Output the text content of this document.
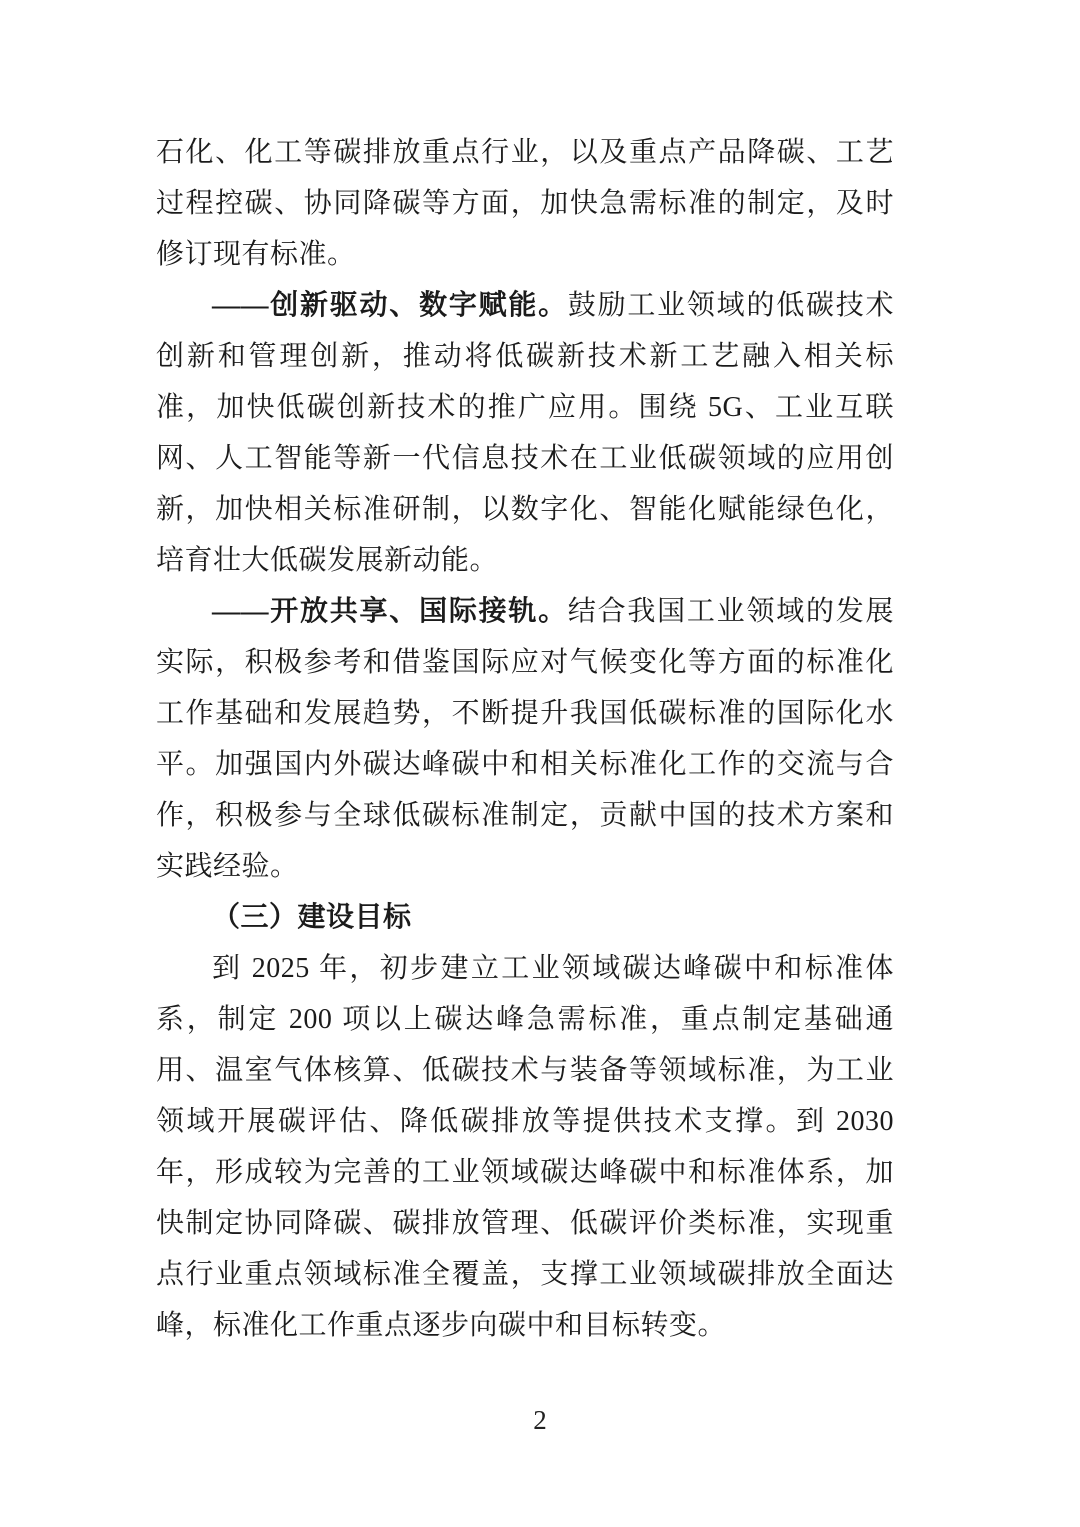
石化、化工等碳排放重点行业，以及重点产品降碳、工艺过程控碳、协同降碳等方面，加快急需标准的制定，及时修订现有标准。

——创新驱动、数字赋能。鼓励工业领域的低碳技术创新和管理创新，推动将低碳新技术新工艺融入相关标准，加快低碳创新技术的推广应用。围绕 5G、工业互联网、人工智能等新一代信息技术在工业低碳领域的应用创新，加快相关标准研制，以数字化、智能化赋能绿色化，培育壮大低碳发展新动能。

——开放共享、国际接轨。结合我国工业领域的发展实际，积极参考和借鉴国际应对气候变化等方面的标准化工作基础和发展趋势，不断提升我国低碳标准的国际化水平。加强国内外碳达峰碳中和相关标准化工作的交流与合作，积极参与全球低碳标准制定，贡献中国的技术方案和实践经验。

（三）建设目标

到 2025 年，初步建立工业领域碳达峰碳中和标准体系，制定 200 项以上碳达峰急需标准，重点制定基础通用、温室气体核算、低碳技术与装备等领域标准，为工业领域开展碳评估、降低碳排放等提供技术支撑。到 2030 年，形成较为完善的工业领域碳达峰碳中和标准体系，加快制定协同降碳、碳排放管理、低碳评价类标准，实现重点行业重点领域标准全覆盖，支撑工业领域碳排放全面达峰，标准化工作重点逐步向碳中和目标转变。

2
